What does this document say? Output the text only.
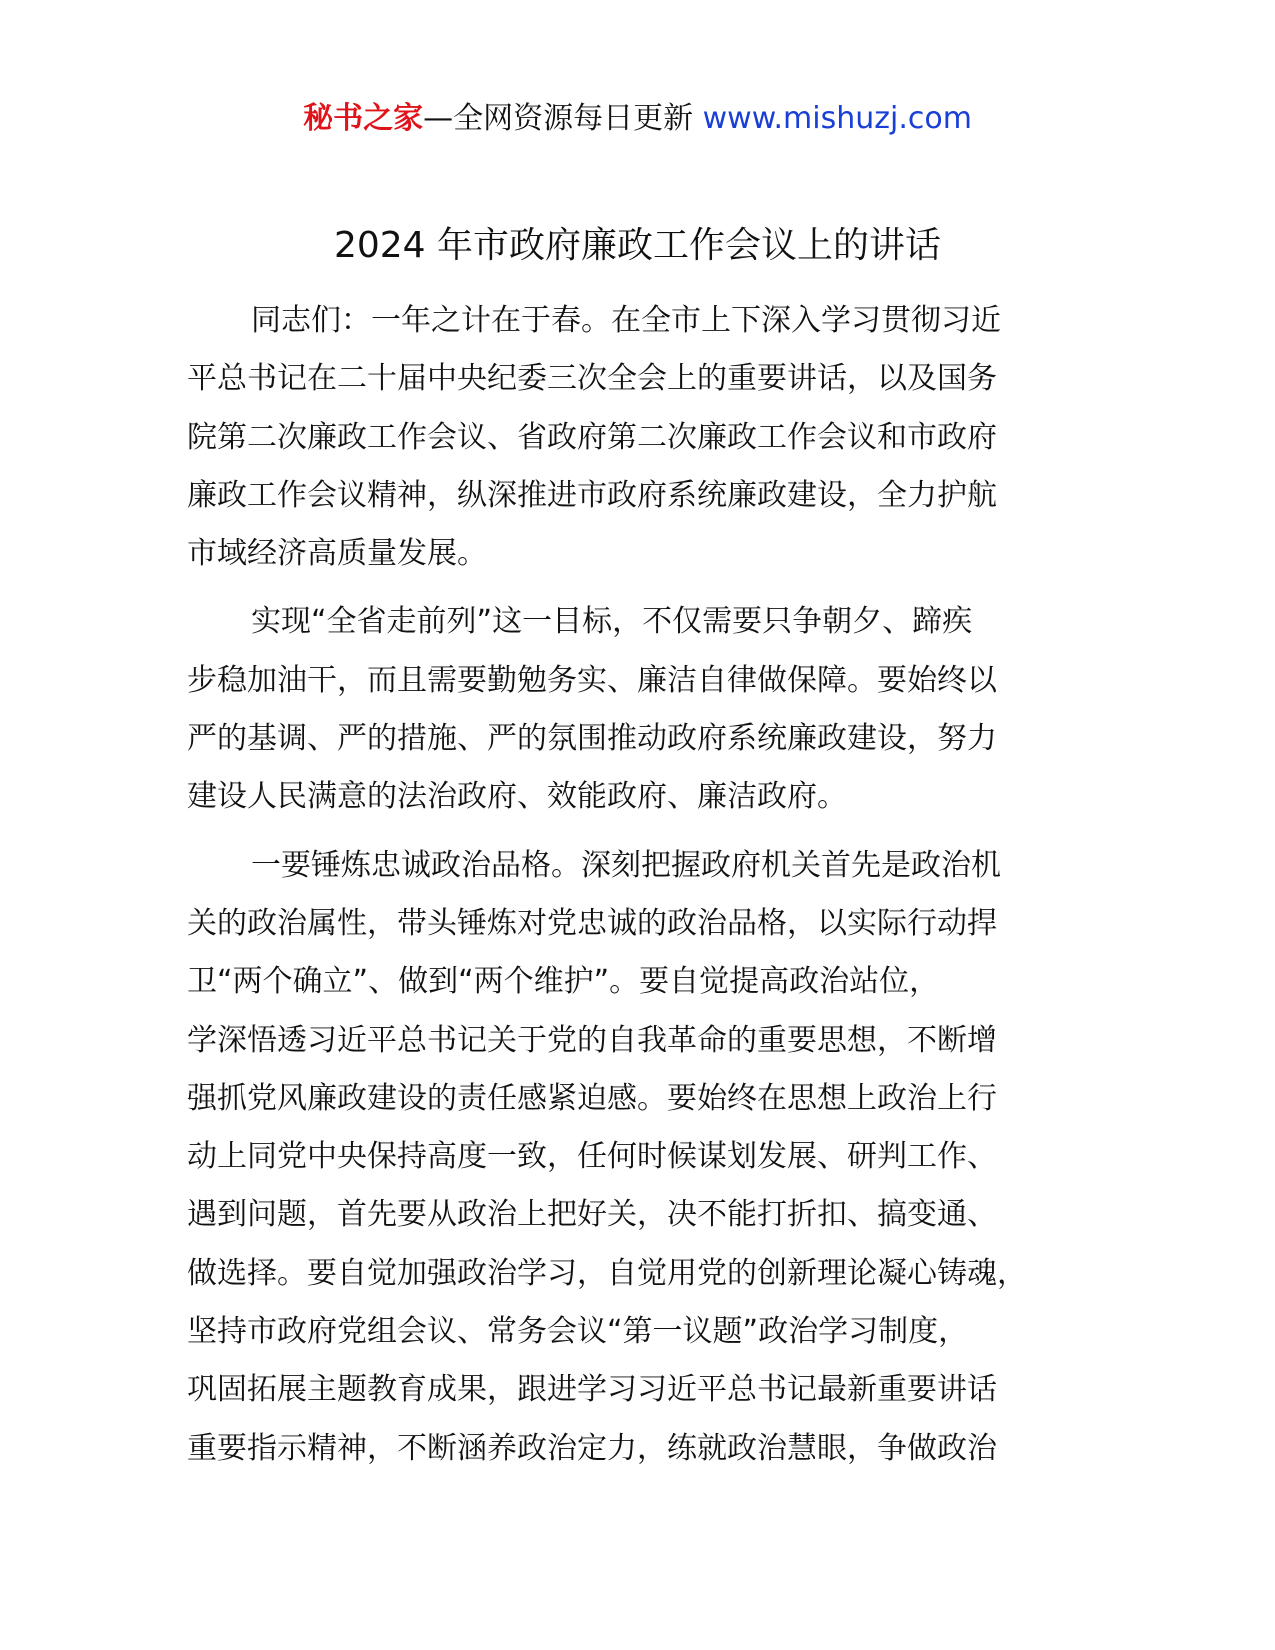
秘书之家—全网资源每日更新 www.mishuzj.com
2024 年市政府廉政工作会议上的讲话
同志们：一年之计在于春。在全市上下深入学习贯彻习近
平总书记在二十届中央纪委三次全会上的重要讲话，以及国务
院第二次廉政工作会议、省政府第二次廉政工作会议和市政府
廉政工作会议精神，纵深推进市政府系统廉政建设，全力护航
市域经济高质量发展。
实现“全省走前列”这一目标，不仅需要只争朝夕、蹄疾
步稳加油干，而且需要勤勉务实、廉洁自律做保障。要始终以
严的基调、严的措施、严的氛围推动政府系统廉政建设，努力
建设人民满意的法治政府、效能政府、廉洁政府。
一要锤炼忠诚政治品格。深刻把握政府机关首先是政治机
关的政治属性，带头锤炼对党忠诚的政治品格，以实际行动捍
卫“两个确立”、做到“两个维护”。要自觉提高政治站位，
学深悟透习近平总书记关于党的自我革命的重要思想，不断增
强抓党风廉政建设的责任感紧迫感。要始终在思想上政治上行
动上同党中央保持高度一致，任何时候谋划发展、研判工作、
遇到问题，首先要从政治上把好关，决不能打折扣、搞变通、
做选择。要自觉加强政治学习，自觉用党的创新理论凝心铸魂，
坚持市政府党组会议、常务会议“第一议题”政治学习制度，
巩固拓展主题教育成果，跟进学习习近平总书记最新重要讲话
重要指示精神，不断涵养政治定力，练就政治慧眼，争做政治
